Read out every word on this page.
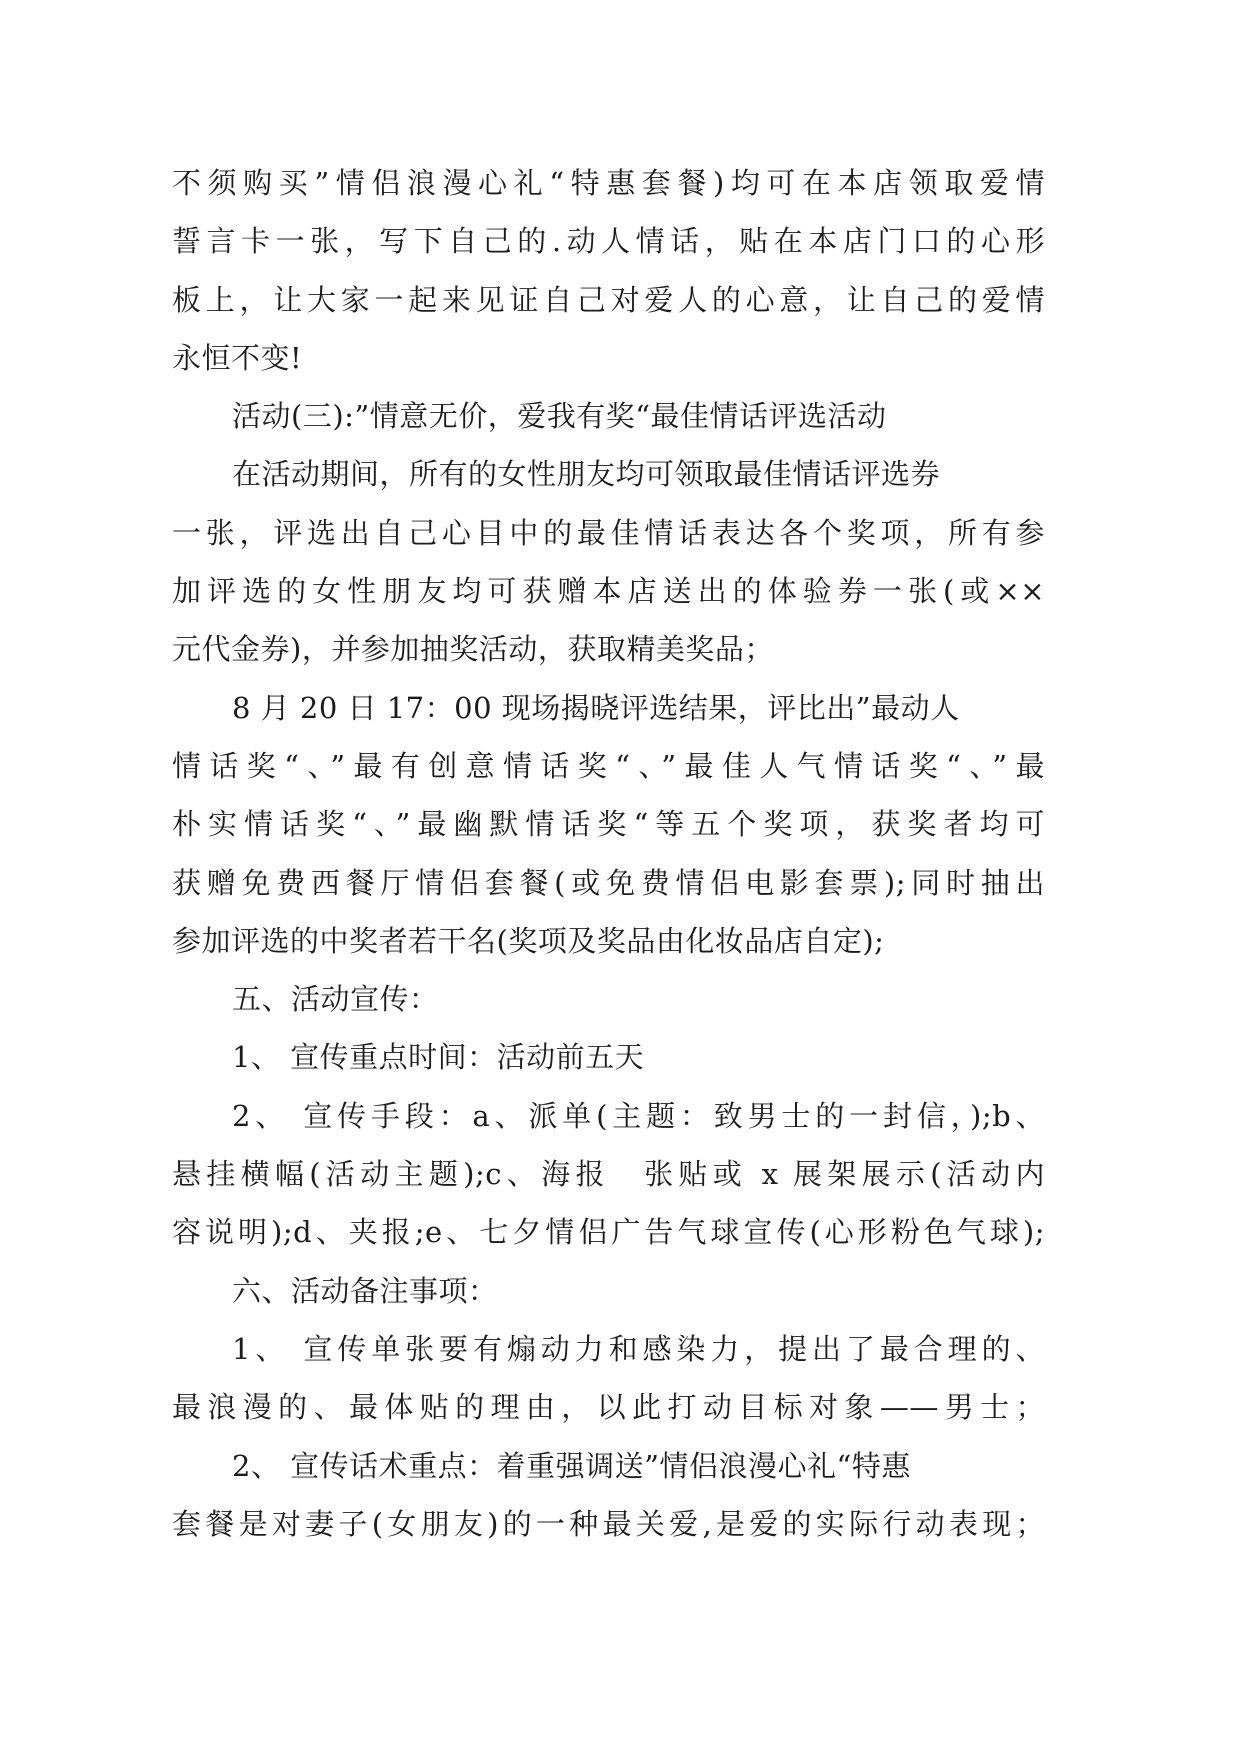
不须购买”情侣浪漫心礼“特惠套餐)均可在本店领取爱情
誓言卡一张，写下自己的.动人情话，贴在本店门口的心形
板上，让大家一起来见证自己对爱人的心意，让自己的爱情
永恒不变!
活动(三):”情意无价，爱我有奖“最佳情话评选活动
在活动期间，所有的女性朋友均可领取最佳情话评选券
一张，评选出自己心目中的最佳情话表达各个奖项，所有参
加评选的女性朋友均可获赠本店送出的体验券一张(或××
元代金券)，并参加抽奖活动，获取精美奖品；
8 月 20 日 17：00 现场揭晓评选结果，评比出”最动人
情话奖“、”最有创意情话奖“、”最佳人气情话奖“、”最
朴实情话奖“、”最幽默情话奖“等五个奖项，获奖者均可
获赠免费西餐厅情侣套餐(或免费情侣电影套票);同时抽出
参加评选的中奖者若干名(奖项及奖品由化妆品店自定);
五、活动宣传：
1、 宣传重点时间：活动前五天
2、 宣传手段：a、派单(主题：致男士的一封信，);b、
悬挂横幅(活动主题);c、海报　张贴或 x 展架展示(活动内
容说明);d、夹报;e、七夕情侣广告气球宣传(心形粉色气球);
六、活动备注事项：
1、 宣传单张要有煽动力和感染力，提出了最合理的、
最浪漫的、最体贴的理由，以此打动目标对象——男士；
2、 宣传话术重点：着重强调送”情侣浪漫心礼“特惠
套餐是对妻子(女朋友)的一种最关爱,是爱的实际行动表现；
